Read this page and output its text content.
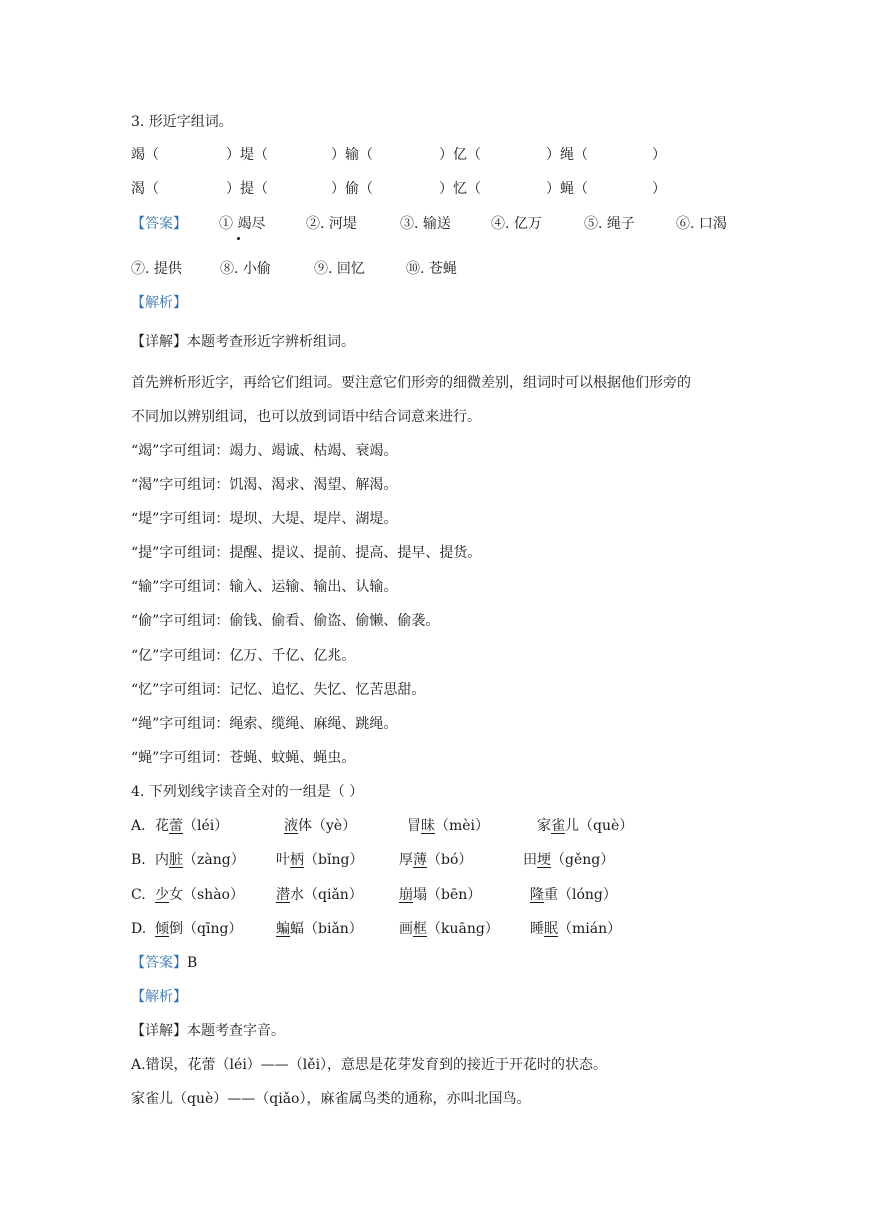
3. 形近字组词。
竭（	）堤（	）输（	）亿（	）绳（	）
渴（	）提（	）偷（	）忆（	）蝇（	）
【答案】 ① 竭尽	②. 河堤	③. 输送	④. 亿万	⑤. 绳子	⑥. 口渴
⑦. 提供	⑧. 小偷	⑨. 回忆	⑩. 苍蝇
【解析】
【详解】本题考查形近字辨析组词。
首先辨析形近字，再给它们组词。要注意它们形旁的细微差别，组词时可以根据他们形旁的
不同加以辨别组词，也可以放到词语中结合词意来进行。
“竭”字可组词：竭力、竭诚、枯竭、衰竭。
“渴”字可组词：饥渴、渴求、渴望、解渴。
“堤”字可组词：堤坝、大堤、堤岸、湖堤。
“提”字可组词：提醒、提议、提前、提高、提早、提货。
“输”字可组词：输入、运输、输出、认输。
“偷”字可组词：偷钱、偷看、偷盗、偷懒、偷袭。
“亿”字可组词：亿万、千亿、亿兆。
“忆”字可组词：记忆、追忆、失忆、忆苦思甜。
“绳”字可组词：绳索、缆绳、麻绳、跳绳。
“蝇”字可组词：苍蝇、蚊蝇、蝇虫。
4. 下列划线字读音全对的一组是（ ）
A. 花蕾（léi）	液体（yè）	冒昧（mèi）	家雀儿（què）
B. 内脏（zàng） 叶柄（bǐng）	厚薄（bó）	田埂（gěng）
C. 少女（shào） 潜水（qiǎn）	崩塌（bēn）	隆重（lóng）
D. 倾倒（qīng） 蝙蝠（biǎn）	画框（kuāng） 睡眠（mián）
【答案】B
【解析】
【详解】本题考查字音。
A.错误，花蕾（léi）——（lěi），意思是花芽发育到的接近于开花时的状态。
家雀儿（què）——（qiǎo），麻雀属鸟类的通称，亦叫北国鸟。
